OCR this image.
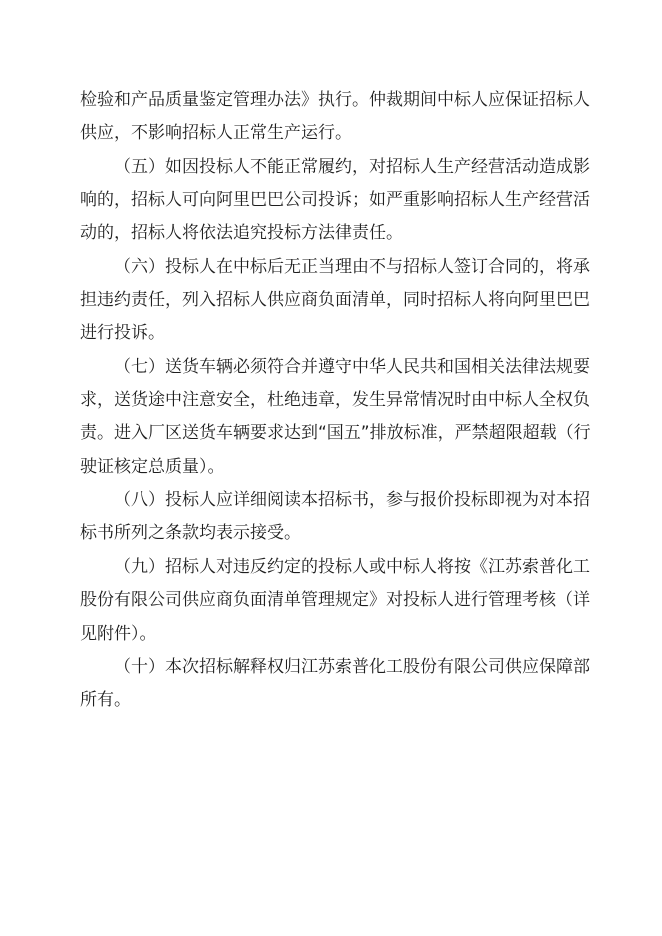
检验和产品质量鉴定管理办法》执行。仲裁期间中标人应保证招标人
供应，不影响招标人正常生产运行。
（五）如因投标人不能正常履约，对招标人生产经营活动造成影
响的，招标人可向阿里巴巴公司投诉；如严重影响招标人生产经营活
动的，招标人将依法追究投标方法律责任。
（六）投标人在中标后无正当理由不与招标人签订合同的，将承
担违约责任，列入招标人供应商负面清单，同时招标人将向阿里巴巴
进行投诉。
（七）送货车辆必须符合并遵守中华人民共和国相关法律法规要
求，送货途中注意安全，杜绝违章，发生异常情况时由中标人全权负
责。进入厂区送货车辆要求达到“国五”排放标准，严禁超限超载（行
驶证核定总质量）。
（八）投标人应详细阅读本招标书，参与报价投标即视为对本招
标书所列之条款均表示接受。
（九）招标人对违反约定的投标人或中标人将按《江苏索普化工
股份有限公司供应商负面清单管理规定》对投标人进行管理考核（详
见附件）。
（十）本次招标解释权归江苏索普化工股份有限公司供应保障部
所有。
